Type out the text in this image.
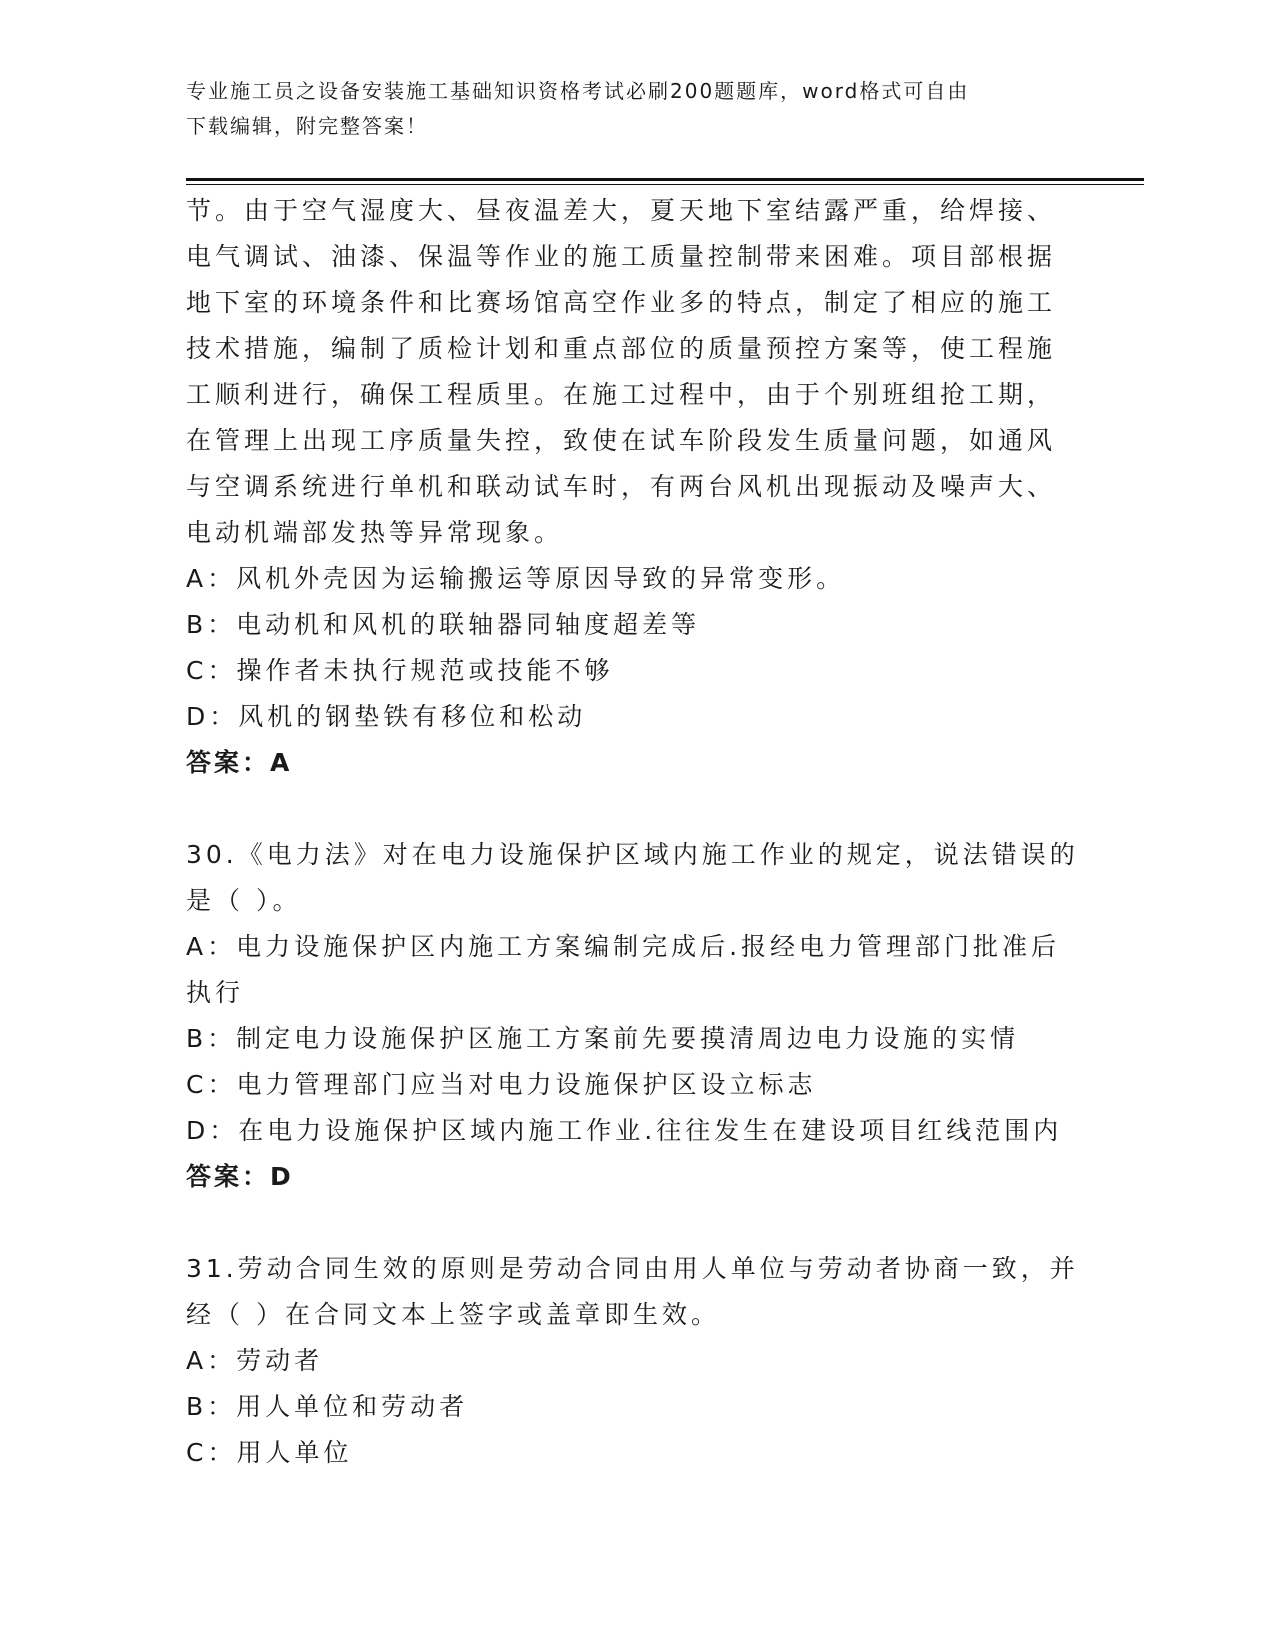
专业施工员之设备安装施工基础知识资格考试必刷200题题库，word格式可自由
下载编辑，附完整答案！
节。由于空气湿度大、昼夜温差大，夏天地下室结露严重，给焊接、
电气调试、油漆、保温等作业的施工质量控制带来困难。项目部根据
地下室的环境条件和比赛场馆高空作业多的特点，制定了相应的施工
技术措施，编制了质检计划和重点部位的质量预控方案等，使工程施
工顺利进行，确保工程质里。在施工过程中，由于个别班组抢工期，
在管理上出现工序质量失控，致使在试车阶段发生质量问题，如通风
与空调系统进行单机和联动试车时，有两台风机出现振动及噪声大、
电动机端部发热等异常现象。
A：风机外壳因为运输搬运等原因导致的异常变形。
B：电动机和风机的联轴器同轴度超差等
C：操作者未执行规范或技能不够
D：风机的钢垫铁有移位和松动
答案：A
30.《电力法》对在电力设施保护区域内施工作业的规定，说法错误的
是（ ）。
A：电力设施保护区内施工方案编制完成后.报经电力管理部门批准后
执行
B：制定电力设施保护区施工方案前先要摸清周边电力设施的实情
C：电力管理部门应当对电力设施保护区设立标志
D：在电力设施保护区域内施工作业.往往发生在建设项目红线范围内
答案：D
31.劳动合同生效的原则是劳动合同由用人单位与劳动者协商一致，并
经（ ）在合同文本上签字或盖章即生效。
A：劳动者
B：用人单位和劳动者
C：用人单位
